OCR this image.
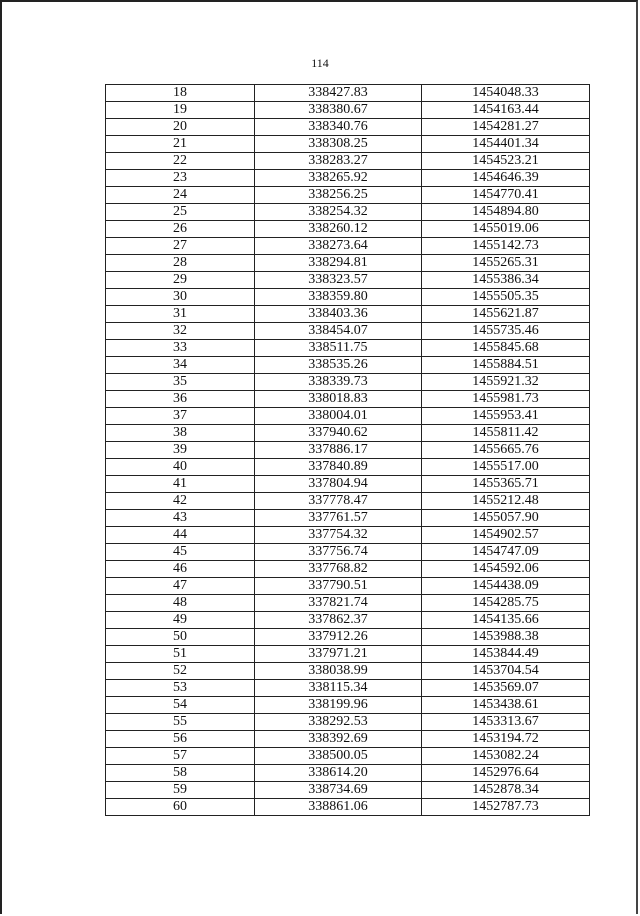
114
18	338427.83	1454048.33
19	338380.67	1454163.44
20	338340.76	1454281.27
21	338308.25	1454401.34
22	338283.27	1454523.21
23	338265.92	1454646.39
24	338256.25	1454770.41
25	338254.32	1454894.80
26	338260.12	1455019.06
27	338273.64	1455142.73
28	338294.81	1455265.31
29	338323.57	1455386.34
30	338359.80	1455505.35
31	338403.36	1455621.87
32	338454.07	1455735.46
33	338511.75	1455845.68
34	338535.26	1455884.51
35	338339.73	1455921.32
36	338018.83	1455981.73
37	338004.01	1455953.41
38	337940.62	1455811.42
39	337886.17	1455665.76
40	337840.89	1455517.00
41	337804.94	1455365.71
42	337778.47	1455212.48
43	337761.57	1455057.90
44	337754.32	1454902.57
45	337756.74	1454747.09
46	337768.82	1454592.06
47	337790.51	1454438.09
48	337821.74	1454285.75
49	337862.37	1454135.66
50	337912.26	1453988.38
51	337971.21	1453844.49
52	338038.99	1453704.54
53	338115.34	1453569.07
54	338199.96	1453438.61
55	338292.53	1453313.67
56	338392.69	1453194.72
57	338500.05	1453082.24
58	338614.20	1452976.64
59	338734.69	1452878.34
60	338861.06	1452787.73
